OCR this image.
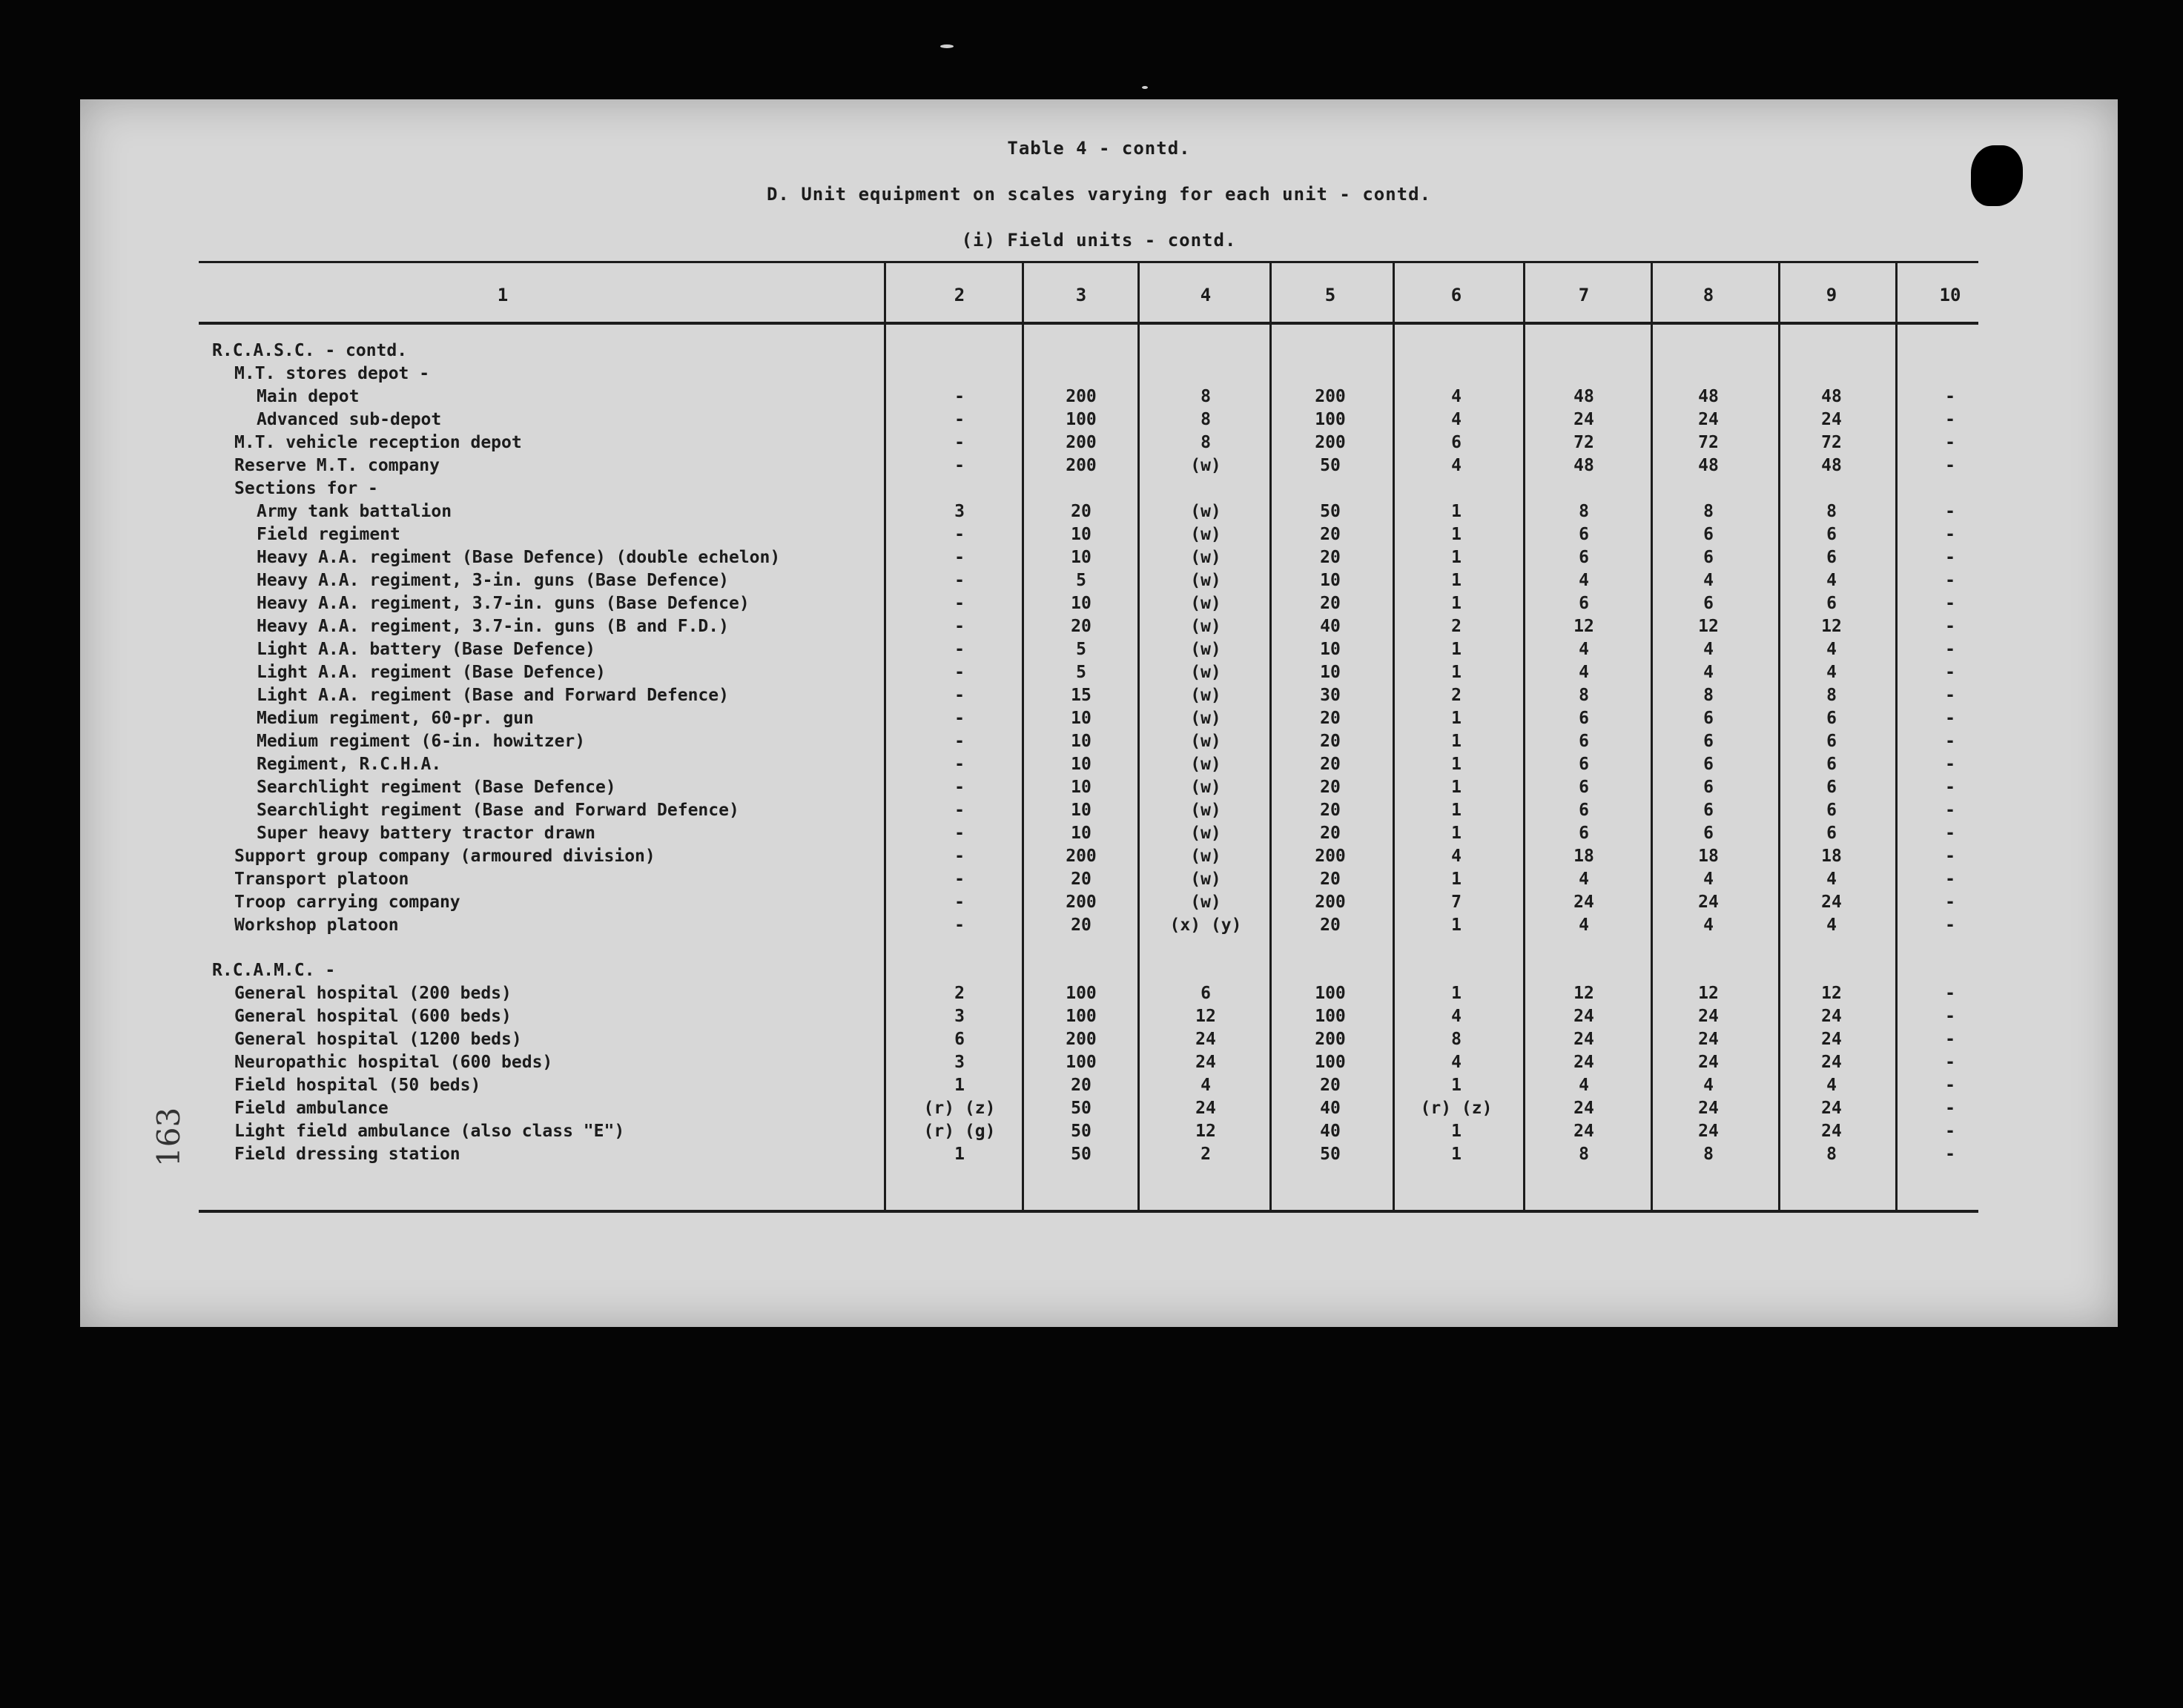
Table 4 - contd.
D. Unit equipment on scales varying for each unit - contd.
(i) Field units - contd.
163
1	2	3	4	5	6	7	8	9	10
R.C.A.S.C. - contd.
M.T. stores depot -
Main depot	-	200	8	200	4	48	48	48	-
Advanced sub-depot	-	100	8	100	4	24	24	24	-
M.T. vehicle reception depot	-	200	8	200	6	72	72	72	-
Reserve M.T. company	-	200	(w)	50	4	48	48	48	-
Sections for -
Army tank battalion	3	20	(w)	50	1	8	8	8	-
Field regiment	-	10	(w)	20	1	6	6	6	-
Heavy A.A. regiment (Base Defence) (double echelon)	-	10	(w)	20	1	6	6	6	-
Heavy A.A. regiment, 3-in. guns (Base Defence)	-	5	(w)	10	1	4	4	4	-
Heavy A.A. regiment, 3.7-in. guns (Base Defence)	-	10	(w)	20	1	6	6	6	-
Heavy A.A. regiment, 3.7-in. guns (B and F.D.)	-	20	(w)	40	2	12	12	12	-
Light A.A. battery (Base Defence)	-	5	(w)	10	1	4	4	4	-
Light A.A. regiment (Base Defence)	-	5	(w)	10	1	4	4	4	-
Light A.A. regiment (Base and Forward Defence)	-	15	(w)	30	2	8	8	8	-
Medium regiment, 60-pr. gun	-	10	(w)	20	1	6	6	6	-
Medium regiment (6-in. howitzer)	-	10	(w)	20	1	6	6	6	-
Regiment, R.C.H.A.	-	10	(w)	20	1	6	6	6	-
Searchlight regiment (Base Defence)	-	10	(w)	20	1	6	6	6	-
Searchlight regiment (Base and Forward Defence)	-	10	(w)	20	1	6	6	6	-
Super heavy battery tractor drawn	-	10	(w)	20	1	6	6	6	-
Support group company (armoured division)	-	200	(w)	200	4	18	18	18	-
Transport platoon	-	20	(w)	20	1	4	4	4	-
Troop carrying company	-	200	(w)	200	7	24	24	24	-
Workshop platoon	-	20	(x) (y)	20	1	4	4	4	-
R.C.A.M.C. -
General hospital (200 beds)	2	100	6	100	1	12	12	12	-
General hospital (600 beds)	3	100	12	100	4	24	24	24	-
General hospital (1200 beds)	6	200	24	200	8	24	24	24	-
Neuropathic hospital (600 beds)	3	100	24	100	4	24	24	24	-
Field hospital (50 beds)	1	20	4	20	1	4	4	4	-
Field ambulance	(r) (z)	50	24	40	(r) (z)	24	24	24	-
Light field ambulance (also class "E")	(r) (g)	50	12	40	1	24	24	24	-
Field dressing station	1	50	2	50	1	8	8	8	-
